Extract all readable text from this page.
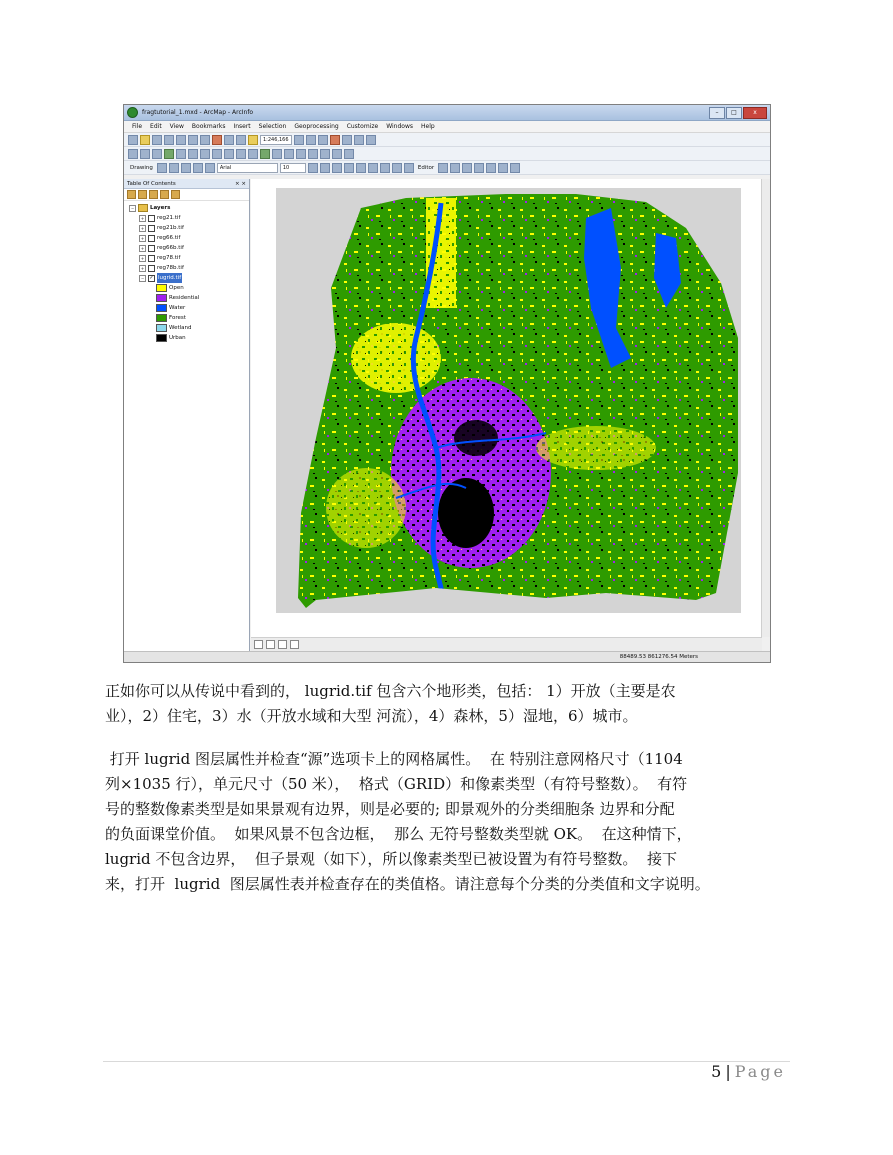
fragtutorial_1.mxd - ArcMap - ArcInfo	–	□	x
File Edit View Bookmarks Insert Selection Geoprocessing Customize Windows Help
1:246,166
Drawing	Arial	10	Editor
Table Of Contents	× ×
−	Layers
+	reg21.tif
+	reg21b.tif
+	reg66.tif
+	reg66b.tif
+	reg78.tif
+	reg78b.tif
−	✓ lugrid.tif
Open
Residential
Water
Forest
Wetland
Urban
88489.53 861276.54 Meters

正如你可以从传说中看到的， lugrid.tif 包含六个地形类，包括： 1）开放（主要是农
业），2）住宅，3）水（开放水域和大型 河流），4）森林，5）湿地，6）城市。

打开 lugrid 图层属性并检查“源”选项卡上的网格属性。  在 特别注意网格尺寸（1104
列×1035 行），单元尺寸（50 米），  格式（GRID）和像素类型（有符号整数）。  有符
号的整数像素类型是如果景观有边界，则是必要的; 即景观外的分类细胞条 边界和分配
的负面课堂价值。  如果风景不包含边框，  那么 无符号整数类型就 OK。  在这种情下，
lugrid 不包含边界，  但子景观（如下），所以像素类型已被设置为有符号整数。  接下
来，打开  lugrid  图层属性表并检查存在的类值格。请注意每个分类的分类值和文字说明。

5 | Page
